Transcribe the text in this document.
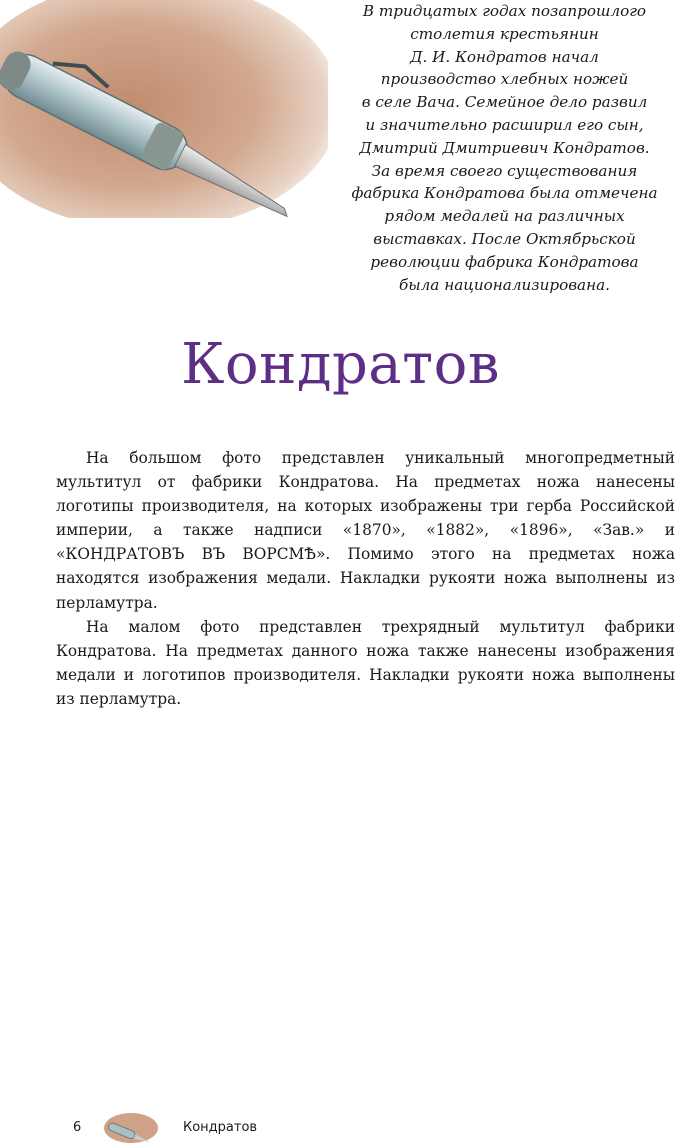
В тридцатых годах позапрошлого
столетия крестьянин
Д. И. Кондратов начал
производство хлебных ножей
в селе Вача. Семейное дело развил
и значительно расширил его сын,
Дмитрий Дмитриевич Кондратов.
За время своего существования
фабрика Кондратова была отмечена
рядом медалей на различных
выставках. После Октябрьской
революции фабрика Кондратова
была национализирована.
Кондратов

На большом фото представлен уникальный многопредметный мультитул от фабрики Кондратова. На предметах ножа нанесены логотипы производителя, на которых изображены три герба Российской империи, а также надписи «1870», «1882», «1896», «Зав.» и «КОНДРАТОВЪ ВЪ ВОРСМѢ». Помимо этого на предметах ножа находятся изображения медали. Накладки рукояти ножа выполнены из перламутра.

На малом фото представлен трехрядный мультитул фабрики Кондратова. На предметах данного ножа также нанесены изображения медали и логотипов производителя. Накладки рукояти ножа выполнены из перламутра.

6	Кондратов
